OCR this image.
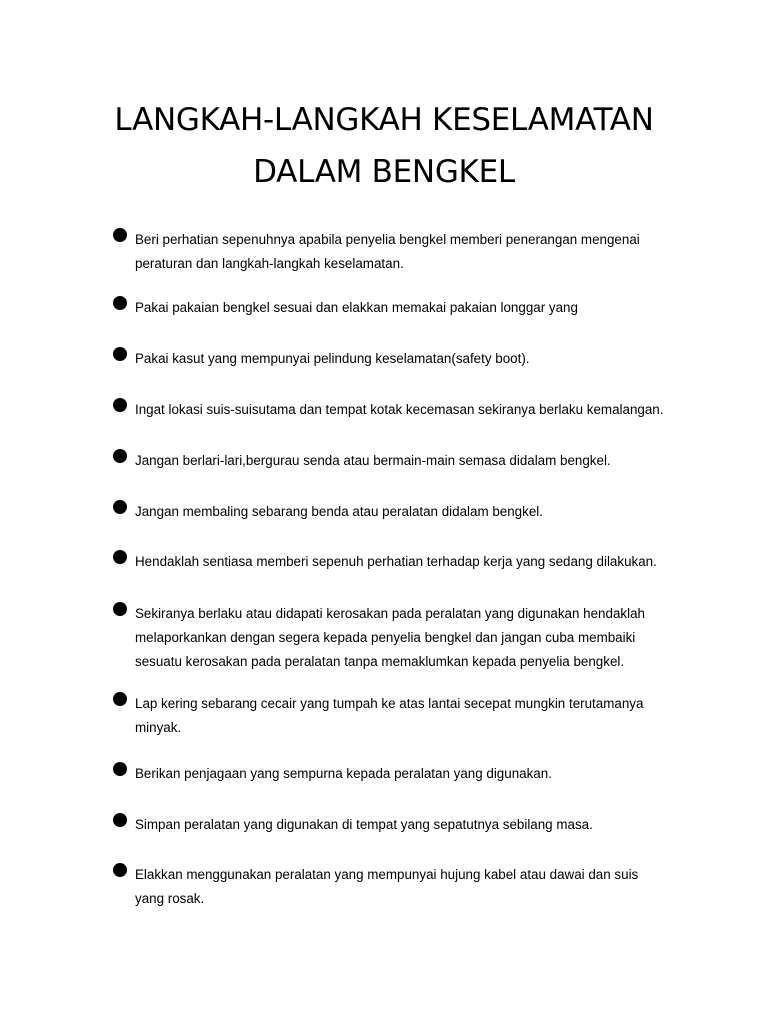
LANGKAH-LANGKAH KESELAMATAN
DALAM BENGKEL
Beri perhatian sepenuhnya apabila penyelia bengkel memberi penerangan mengenai
peraturan dan langkah-langkah keselamatan.
Pakai pakaian bengkel sesuai dan elakkan memakai pakaian longgar yang
Pakai kasut yang mempunyai pelindung keselamatan(safety boot).
Ingat lokasi suis-suisutama dan tempat kotak kecemasan sekiranya berlaku kemalangan.
Jangan berlari-lari,bergurau senda atau bermain-main semasa didalam bengkel.
Jangan membaling sebarang benda atau peralatan didalam bengkel.
Hendaklah sentiasa memberi sepenuh perhatian terhadap kerja yang sedang dilakukan.
Sekiranya berlaku atau didapati kerosakan pada peralatan yang digunakan hendaklah
melaporkankan dengan segera kepada penyelia bengkel dan jangan cuba membaiki
sesuatu kerosakan pada peralatan tanpa memaklumkan kepada penyelia bengkel.
Lap kering sebarang cecair yang tumpah ke atas lantai secepat mungkin terutamanya
minyak.
Berikan penjagaan yang sempurna kepada peralatan yang digunakan.
Simpan peralatan yang digunakan di tempat yang sepatutnya sebilang masa.
Elakkan menggunakan peralatan yang mempunyai hujung kabel atau dawai dan suis
yang rosak.
